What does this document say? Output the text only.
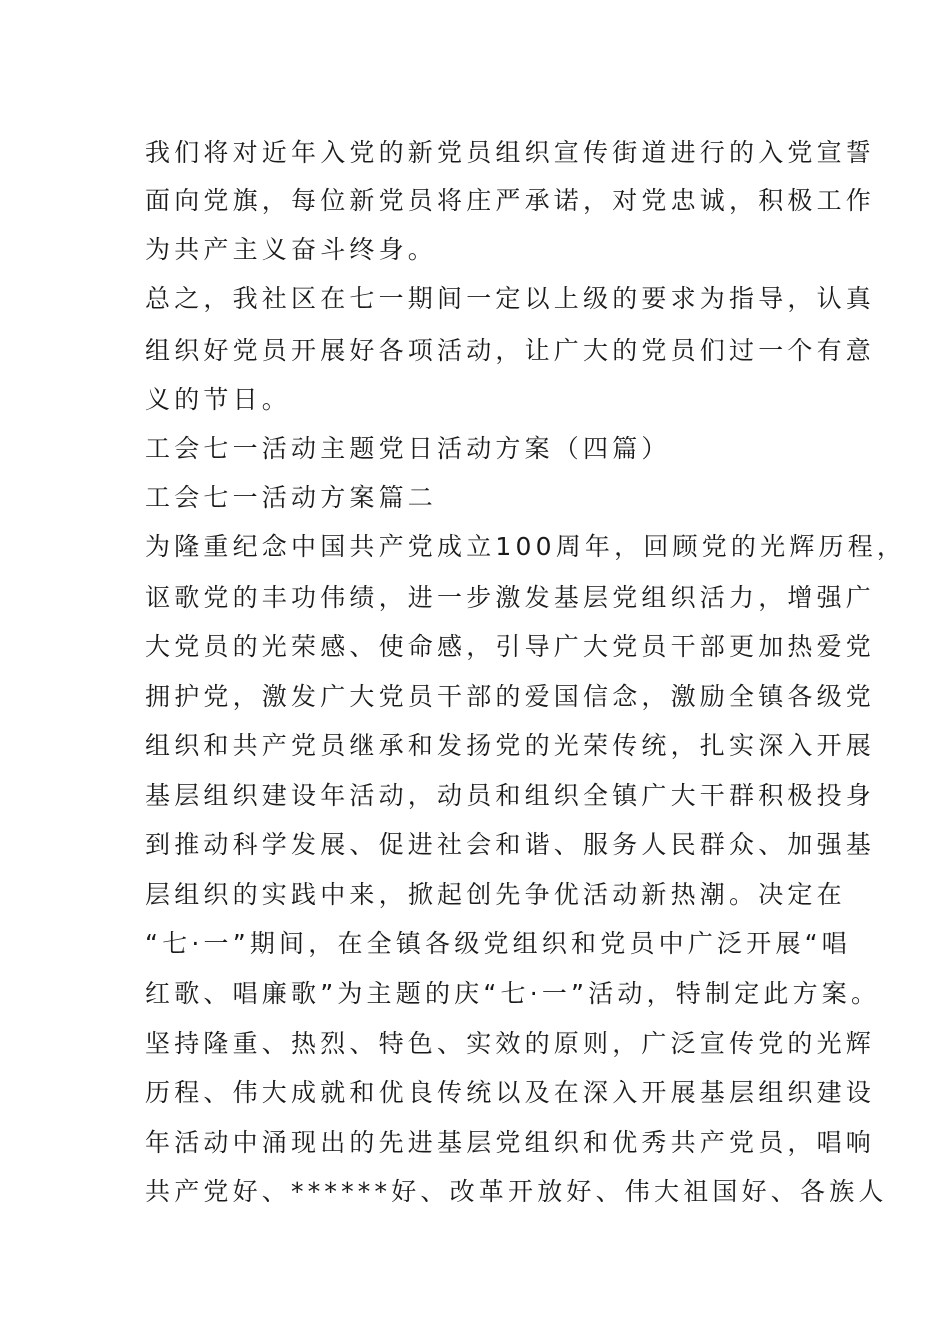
我们将对近年入党的新党员组织宣传街道进行的入党宣誓
面向党旗，每位新党员将庄严承诺，对党忠诚，积极工作
为共产主义奋斗终身。
总之，我社区在七一期间一定以上级的要求为指导，认真
组织好党员开展好各项活动，让广大的党员们过一个有意
义的节日。
工会七一活动主题党日活动方案（四篇）
工会七一活动方案篇二
为隆重纪念中国共产党成立100周年，回顾党的光辉历程，
讴歌党的丰功伟绩，进一步激发基层党组织活力，增强广
大党员的光荣感、使命感，引导广大党员干部更加热爱党
拥护党，激发广大党员干部的爱国信念，激励全镇各级党
组织和共产党员继承和发扬党的光荣传统，扎实深入开展
基层组织建设年活动，动员和组织全镇广大干群积极投身
到推动科学发展、促进社会和谐、服务人民群众、加强基
层组织的实践中来，掀起创先争优活动新热潮。决定在
“七·一”期间，在全镇各级党组织和党员中广泛开展“唱
红歌、唱廉歌”为主题的庆“七·一”活动，特制定此方案。
坚持隆重、热烈、特色、实效的原则，广泛宣传党的光辉
历程、伟大成就和优良传统以及在深入开展基层组织建设
年活动中涌现出的先进基层党组织和优秀共产党员，唱响
共产党好、******好、改革开放好、伟大祖国好、各族人
